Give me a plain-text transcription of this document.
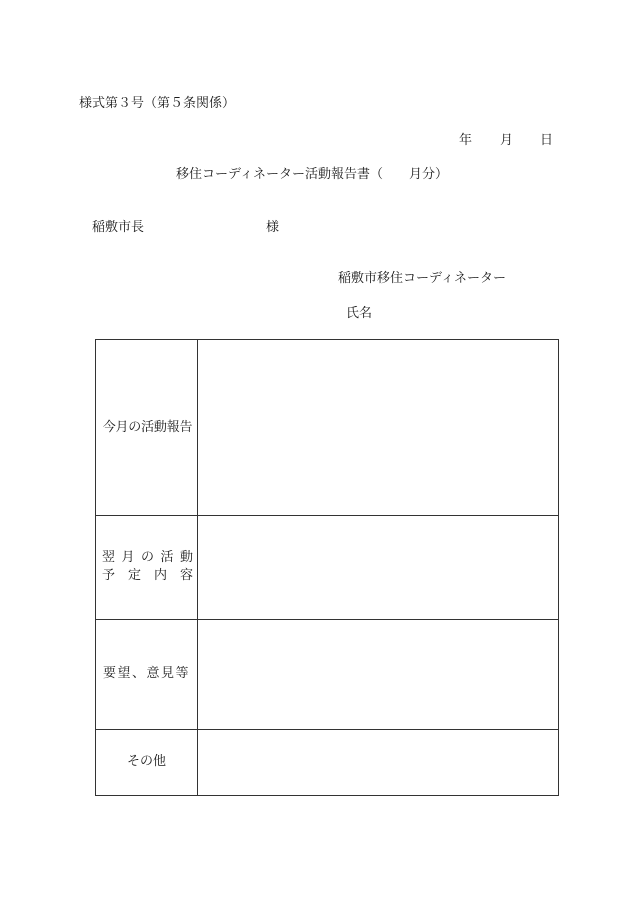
様式第３号（第５条関係）
年 月 日
移住コーディネーター活動報告書（　　月分）
稲敷市長	様
稲敷市移住コーディネーター
氏名
今月の活動報告	

翌月の活動
予定内容	

要望、意見等	

その他	
